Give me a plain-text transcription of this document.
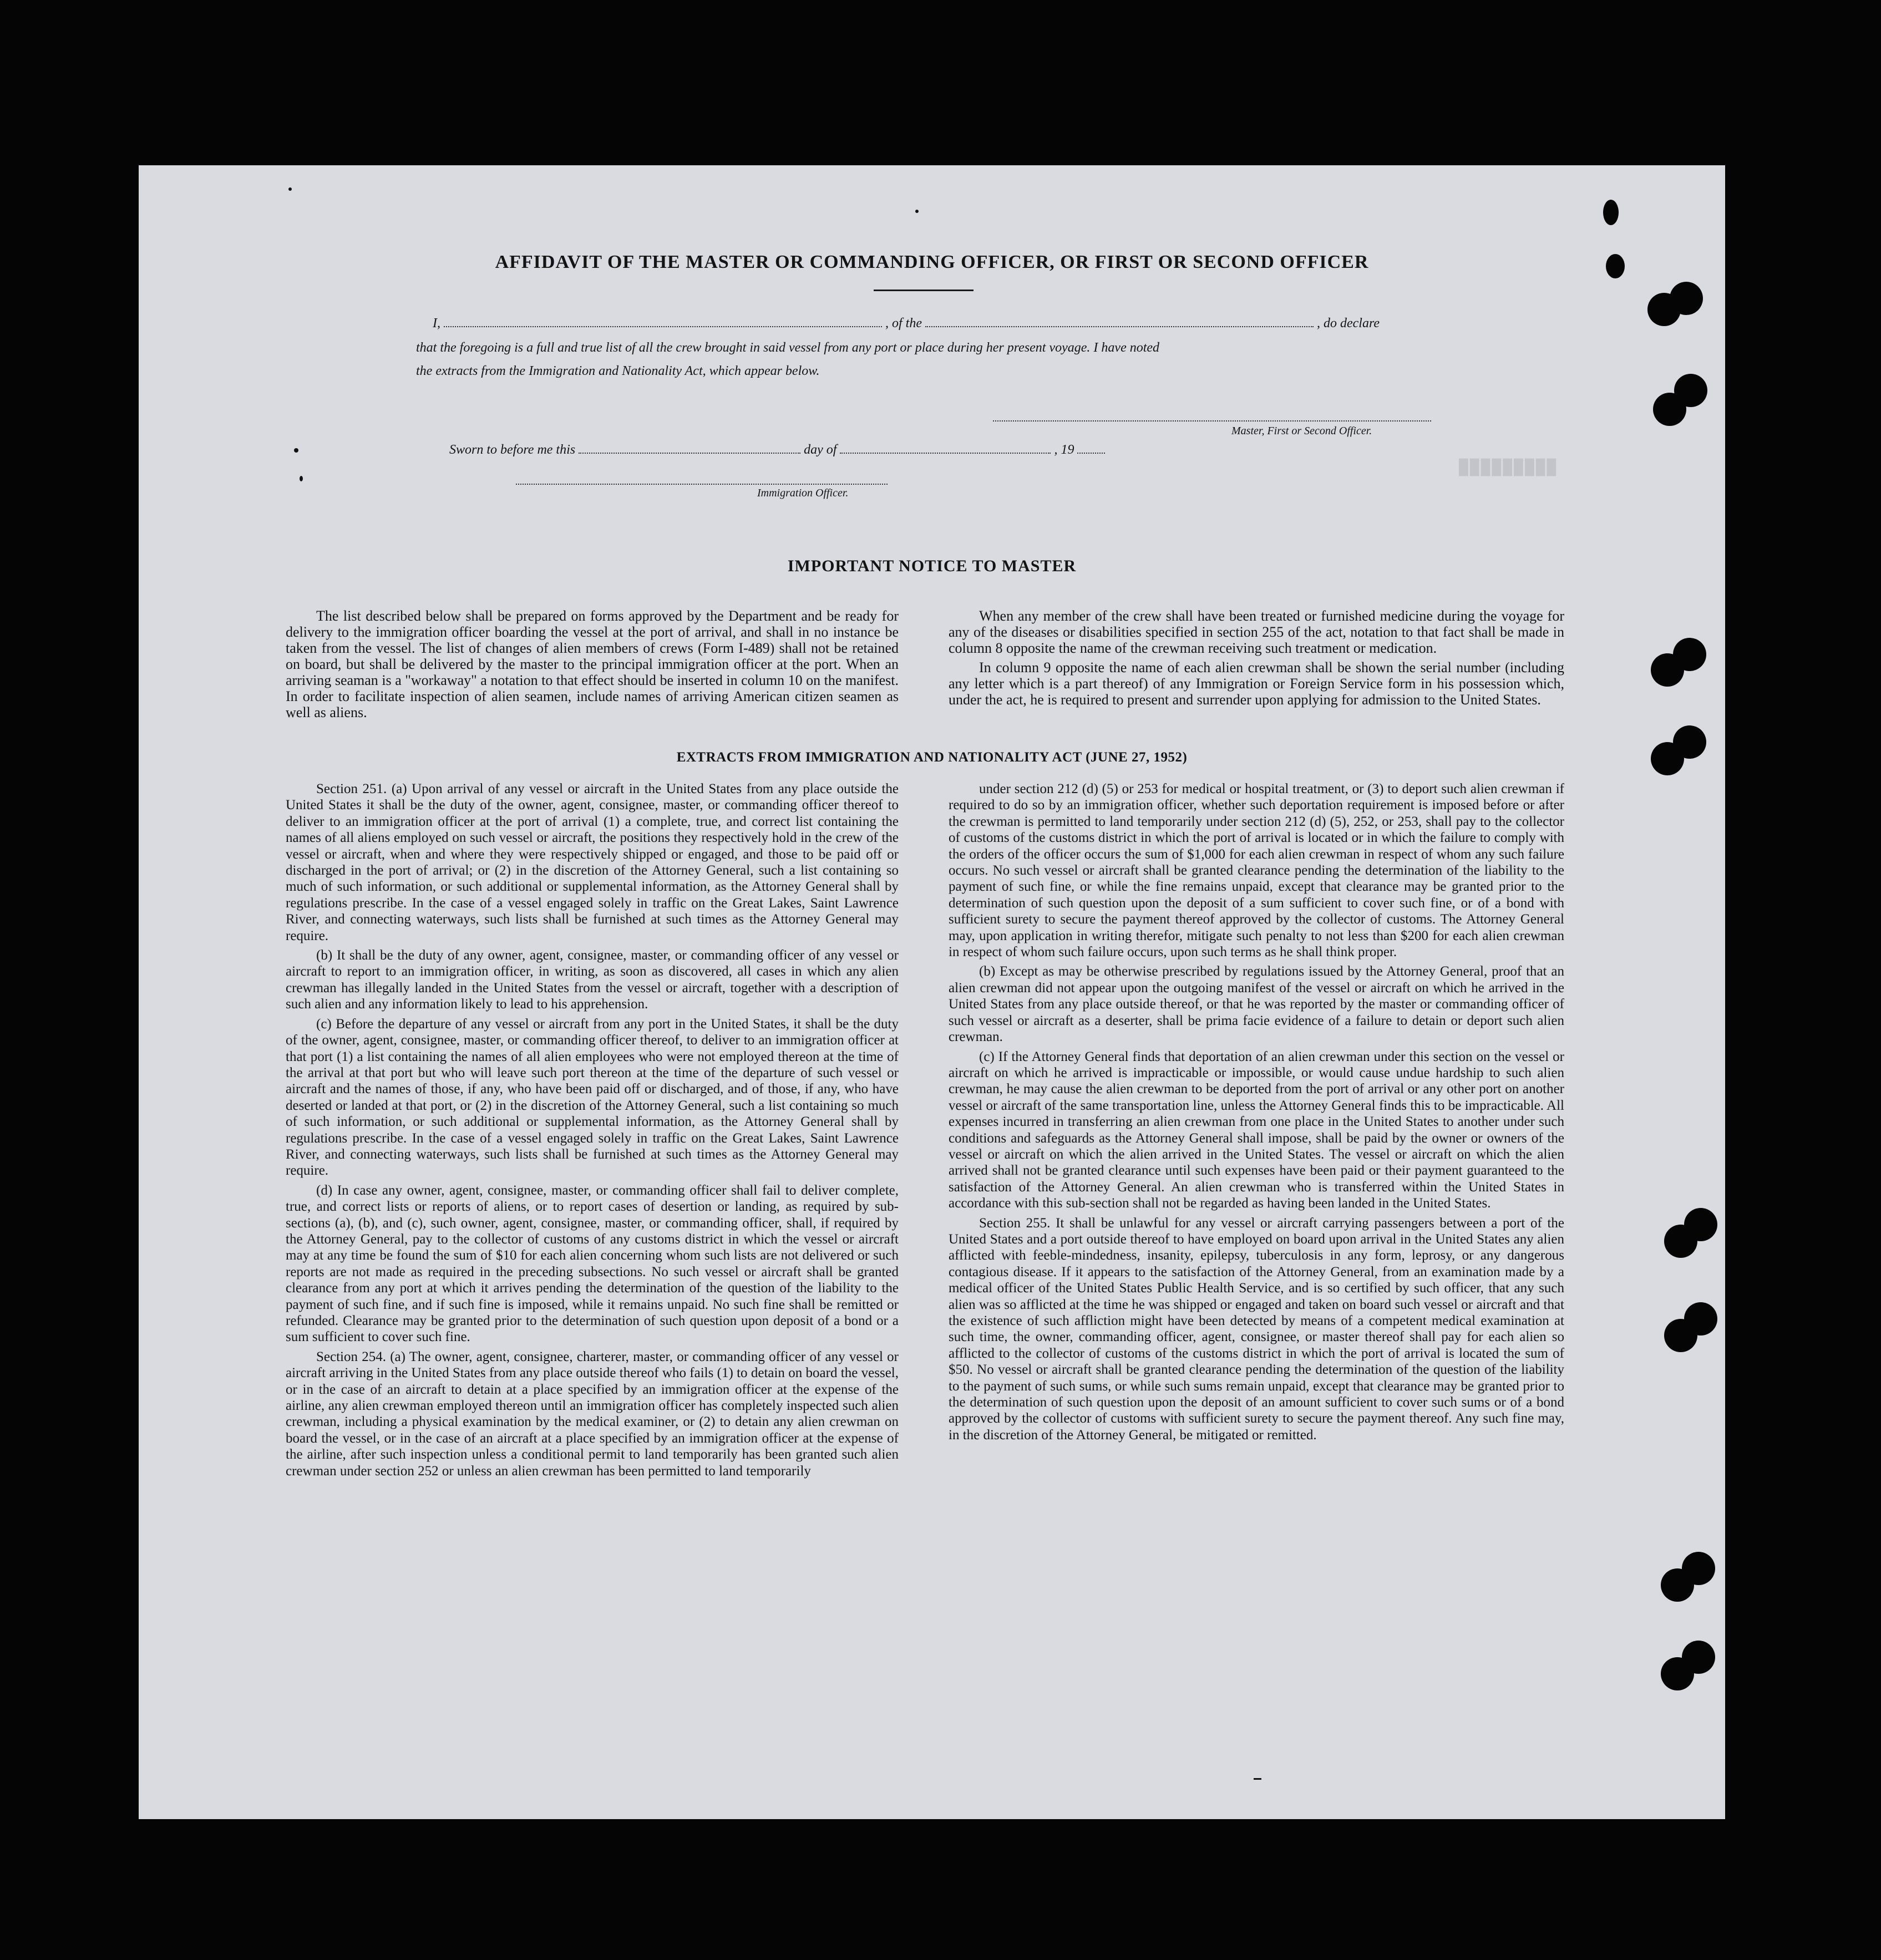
█████████
AFFIDAVIT OF THE MASTER OR COMMANDING OFFICER, OR FIRST OR SECOND OFFICER
I,	, of the	, do declare
that the foregoing is a full and true list of all the crew brought in said vessel from any port or place during her present voyage. I have noted
the extracts from the Immigration and Nationality Act, which appear below.
Master, First or Second Officer.
Sworn to before me this	day of	, 19
Immigration Officer.
IMPORTANT NOTICE TO MASTER

The list described below shall be prepared on forms approved by the Department and be ready for delivery to the immigration officer boarding the vessel at the port of arrival, and shall in no instance be taken from the vessel. The list of changes of alien members of crews (Form I-489) shall not be retained on board, but shall be delivered by the master to the principal immigration officer at the port. When an arriving seaman is a "workaway" a notation to that effect should be inserted in column 10 on the manifest. In order to facilitate inspection of alien seamen, include names of arriving American citizen seamen as well as aliens.

When any member of the crew shall have been treated or furnished medicine during the voyage for any of the diseases or disabilities specified in section 255 of the act, notation to that fact shall be made in column 8 opposite the name of the crewman receiving such treatment or medication.

In column 9 opposite the name of each alien crewman shall be shown the serial number (including any letter which is a part thereof) of any Immigration or Foreign Service form in his possession which, under the act, he is required to present and surrender upon applying for admission to the United States.

EXTRACTS FROM IMMIGRATION AND NATIONALITY ACT (JUNE 27, 1952)

Section 251. (a) Upon arrival of any vessel or aircraft in the United States from any place outside the United States it shall be the duty of the owner, agent, consignee, master, or commanding officer thereof to deliver to an immigration officer at the port of arrival (1) a complete, true, and correct list containing the names of all aliens employed on such vessel or aircraft, the positions they respectively hold in the crew of the vessel or aircraft, when and where they were respectively shipped or engaged, and those to be paid off or discharged in the port of arrival; or (2) in the discretion of the Attorney General, such a list containing so much of such information, or such additional or supplemental information, as the Attorney General shall by regulations prescribe. In the case of a vessel engaged solely in traffic on the Great Lakes, Saint Lawrence River, and connecting waterways, such lists shall be furnished at such times as the Attorney General may require.

(b) It shall be the duty of any owner, agent, consignee, master, or commanding officer of any vessel or aircraft to report to an immigration officer, in writing, as soon as discovered, all cases in which any alien crewman has illegally landed in the United States from the vessel or aircraft, together with a description of such alien and any information likely to lead to his apprehension.

(c) Before the departure of any vessel or aircraft from any port in the United States, it shall be the duty of the owner, agent, consignee, master, or commanding officer thereof, to deliver to an immigration officer at that port (1) a list containing the names of all alien employees who were not employed thereon at the time of the arrival at that port but who will leave such port thereon at the time of the departure of such vessel or aircraft and the names of those, if any, who have been paid off or discharged, and of those, if any, who have deserted or landed at that port, or (2) in the discretion of the Attorney General, such a list containing so much of such information, or such additional or supplemental information, as the Attorney General shall by regulations prescribe. In the case of a vessel engaged solely in traffic on the Great Lakes, Saint Lawrence River, and connecting waterways, such lists shall be furnished at such times as the Attorney General may require.

(d) In case any owner, agent, consignee, master, or commanding officer shall fail to deliver complete, true, and correct lists or reports of aliens, or to report cases of desertion or landing, as required by sub-sections (a), (b), and (c), such owner, agent, consignee, master, or commanding officer, shall, if required by the Attorney General, pay to the collector of customs of any customs district in which the vessel or aircraft may at any time be found the sum of $10 for each alien concerning whom such lists are not delivered or such reports are not made as required in the preceding subsections. No such vessel or aircraft shall be granted clearance from any port at which it arrives pending the determination of the question of the liability to the payment of such fine, and if such fine is imposed, while it remains unpaid. No such fine shall be remitted or refunded. Clearance may be granted prior to the determination of such question upon deposit of a bond or a sum sufficient to cover such fine.

Section 254. (a) The owner, agent, consignee, charterer, master, or commanding officer of any vessel or aircraft arriving in the United States from any place outside thereof who fails (1) to detain on board the vessel, or in the case of an aircraft to detain at a place specified by an immigration officer at the expense of the airline, any alien crewman employed thereon until an immigration officer has completely inspected such alien crewman, including a physical examination by the medical examiner, or (2) to detain any alien crewman on board the vessel, or in the case of an aircraft at a place specified by an immigration officer at the expense of the airline, after such inspection unless a conditional permit to land temporarily has been granted such alien crewman under section 252 or unless an alien crewman has been permitted to land temporarily

under section 212 (d) (5) or 253 for medical or hospital treatment, or (3) to deport such alien crewman if required to do so by an immigration officer, whether such deportation requirement is imposed before or after the crewman is permitted to land temporarily under section 212 (d) (5), 252, or 253, shall pay to the collector of customs of the customs district in which the port of arrival is located or in which the failure to comply with the orders of the officer occurs the sum of $1,000 for each alien crewman in respect of whom any such failure occurs. No such vessel or aircraft shall be granted clearance pending the determination of the liability to the payment of such fine, or while the fine remains unpaid, except that clearance may be granted prior to the determination of such question upon the deposit of a sum sufficient to cover such fine, or of a bond with sufficient surety to secure the payment thereof approved by the collector of customs. The Attorney General may, upon application in writing therefor, mitigate such penalty to not less than $200 for each alien crewman in respect of whom such failure occurs, upon such terms as he shall think proper.

(b) Except as may be otherwise prescribed by regulations issued by the Attorney General, proof that an alien crewman did not appear upon the outgoing manifest of the vessel or aircraft on which he arrived in the United States from any place outside thereof, or that he was reported by the master or commanding officer of such vessel or aircraft as a deserter, shall be prima facie evidence of a failure to detain or deport such alien crewman.

(c) If the Attorney General finds that deportation of an alien crewman under this section on the vessel or aircraft on which he arrived is impracticable or impossible, or would cause undue hardship to such alien crewman, he may cause the alien crewman to be deported from the port of arrival or any other port on another vessel or aircraft of the same transportation line, unless the Attorney General finds this to be impracticable. All expenses incurred in transferring an alien crewman from one place in the United States to another under such conditions and safeguards as the Attorney General shall impose, shall be paid by the owner or owners of the vessel or aircraft on which the alien arrived in the United States. The vessel or aircraft on which the alien arrived shall not be granted clearance until such expenses have been paid or their payment guaranteed to the satisfaction of the Attorney General. An alien crewman who is transferred within the United States in accordance with this sub-section shall not be regarded as having been landed in the United States.

Section 255. It shall be unlawful for any vessel or aircraft carrying passengers between a port of the United States and a port outside thereof to have employed on board upon arrival in the United States any alien afflicted with feeble-mindedness, insanity, epilepsy, tuberculosis in any form, leprosy, or any dangerous contagious disease. If it appears to the satisfaction of the Attorney General, from an examination made by a medical officer of the United States Public Health Service, and is so certified by such officer, that any such alien was so afflicted at the time he was shipped or engaged and taken on board such vessel or aircraft and that the existence of such affliction might have been detected by means of a competent medical examination at such time, the owner, commanding officer, agent, consignee, or master thereof shall pay for each alien so afflicted to the collector of customs of the customs district in which the port of arrival is located the sum of $50. No vessel or aircraft shall be granted clearance pending the determination of the question of the liability to the payment of such sums, or while such sums remain unpaid, except that clearance may be granted prior to the determination of such question upon the deposit of an amount sufficient to cover such sums or of a bond approved by the collector of customs with sufficient surety to secure the payment thereof. Any such fine may, in the discretion of the Attorney General, be mitigated or remitted.
